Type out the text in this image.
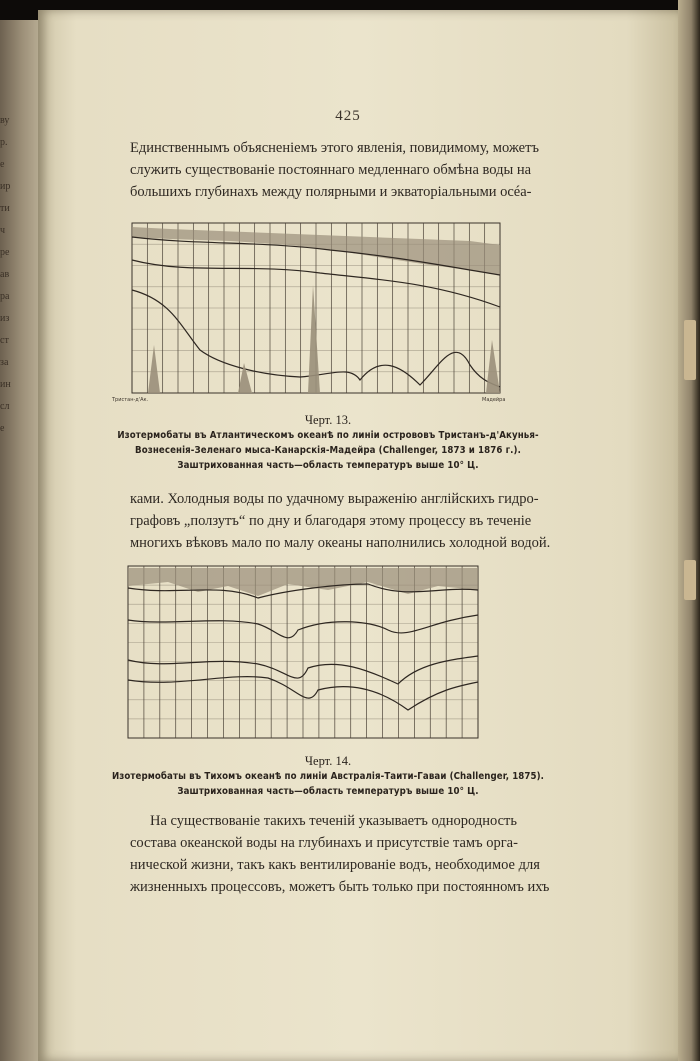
ву
р.
е
ир
ти
ч
ре
ав
ра
из
ст
за
ин
сл
е
425
Единственнымъ объясненіемъ этого явленія, повидимому, можетъ
служить существованіе постояннаго медленнаго обмѣна воды на
большихъ глубинахъ между полярными и экваторіальными océа-
Тристан-д'Ак.	Мадейра
Черт. 13.
Изотермобаты въ Атлантическомъ океанѣ по линіи острововъ Тристанъ-д'Акунья-
Вознесенія-Зеленаго мыса-Канарскія-Мадейра (Challenger, 1873 и 1876 г.).
Заштрихованная часть—область температуръ выше 10° Ц.
ками. Холодныя воды по удачному выраженію англійскихъ гидро-
графовъ „ползутъ“ по дну и благодаря этому процессу въ теченіе
многихъ вѣковъ мало по малу океаны наполнились холодной водой.
Черт. 14.
Изотермобаты въ Тихомъ океанѣ по линіи Австралія-Таити-Гаваи (Challenger, 1875).
Заштрихованная часть—область температуръ выше 10° Ц.
На существованіе такихъ теченій указываетъ однородность
состава океанской воды на глубинахъ и присутствіе тамъ орга-
нической жизни, такъ какъ вентилированіе водъ, необходимое для
жизненныхъ процессовъ, можетъ быть только при постоянномъ ихъ
